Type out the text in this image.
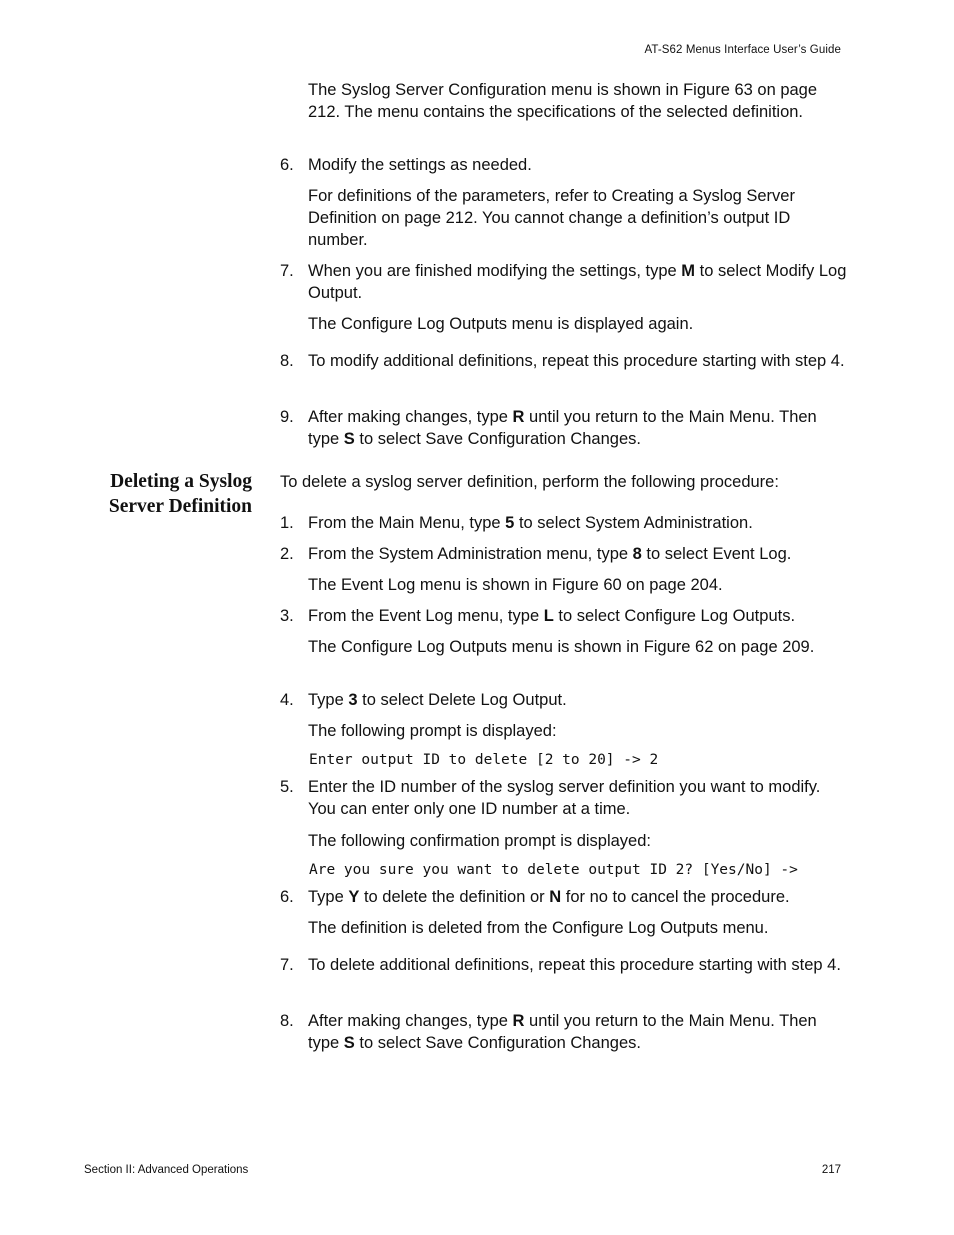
AT-S62 Menus Interface User’s Guide

The Syslog Server Configuration menu is shown in Figure 63 on page 212. The menu contains the specifications of the selected definition.

6. Modify the settings as needed.

For definitions of the parameters, refer to Creating a Syslog Server Definition on page 212. You cannot change a definition’s output ID number.

7. When you are finished modifying the settings, type M to select Modify Log Output.

The Configure Log Outputs menu is displayed again.

8. To modify additional definitions, repeat this procedure starting with step 4.

9. After making changes, type R until you return to the Main Menu. Then type S to select Save Configuration Changes.

Deleting a Syslog
Server Definition
To delete a syslog server definition, perform the following procedure:
1. From the Main Menu, type 5 to select System Administration.

2. From the System Administration menu, type 8 to select Event Log.

The Event Log menu is shown in Figure 60 on page 204.

3. From the Event Log menu, type L to select Configure Log Outputs.

The Configure Log Outputs menu is shown in Figure 62 on page 209.

4. Type 3 to select Delete Log Output.

The following prompt is displayed:

Enter output ID to delete [2 to 20] -> 2
5. Enter the ID number of the syslog server definition you want to modify. You can enter only one ID number at a time.

The following confirmation prompt is displayed:

Are you sure you want to delete output ID 2? [Yes/No] ->
6. Type Y to delete the definition or N for no to cancel the procedure.

The definition is deleted from the Configure Log Outputs menu.

7. To delete additional definitions, repeat this procedure starting with step 4.

8. After making changes, type R until you return to the Main Menu. Then type S to select Save Configuration Changes.

Section II: Advanced Operations	217
